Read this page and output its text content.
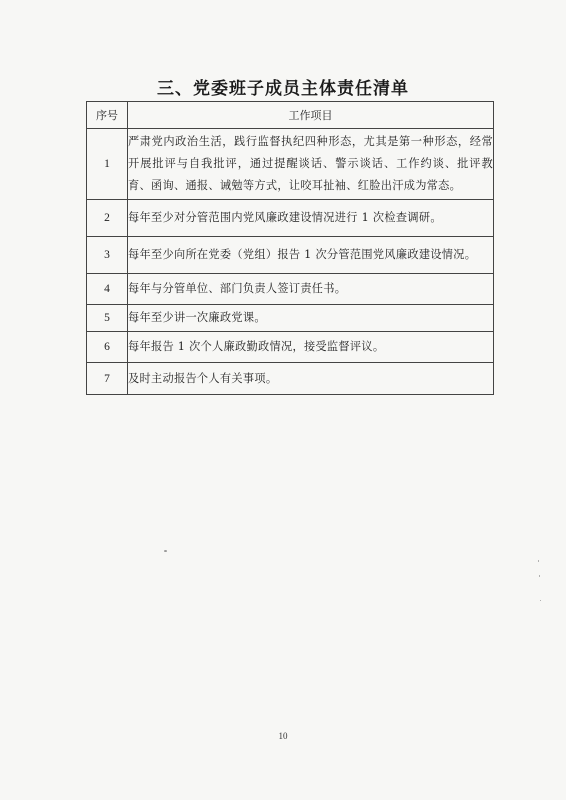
三、党委班子成员主体责任清单
序号	工作项目
1	严肃党内政治生活，践行监督执纪四种形态，尤其是第一种形态，经常开展批评与自我批评，通过提醒谈话、警示谈话、工作约谈、批评教育、函询、通报、诫勉等方式，让咬耳扯袖、红脸出汗成为常态。
2	每年至少对分管范围内党风廉政建设情况进行 1 次检查调研。
3	每年至少向所在党委（党组）报告 1 次分管范围党风廉政建设情况。
4	每年与分管单位、部门负责人签订责任书。
5	每年至少讲一次廉政党课。
6	每年报告 1 次个人廉政勤政情况，接受监督评议。
7	及时主动报告个人有关事项。
10
